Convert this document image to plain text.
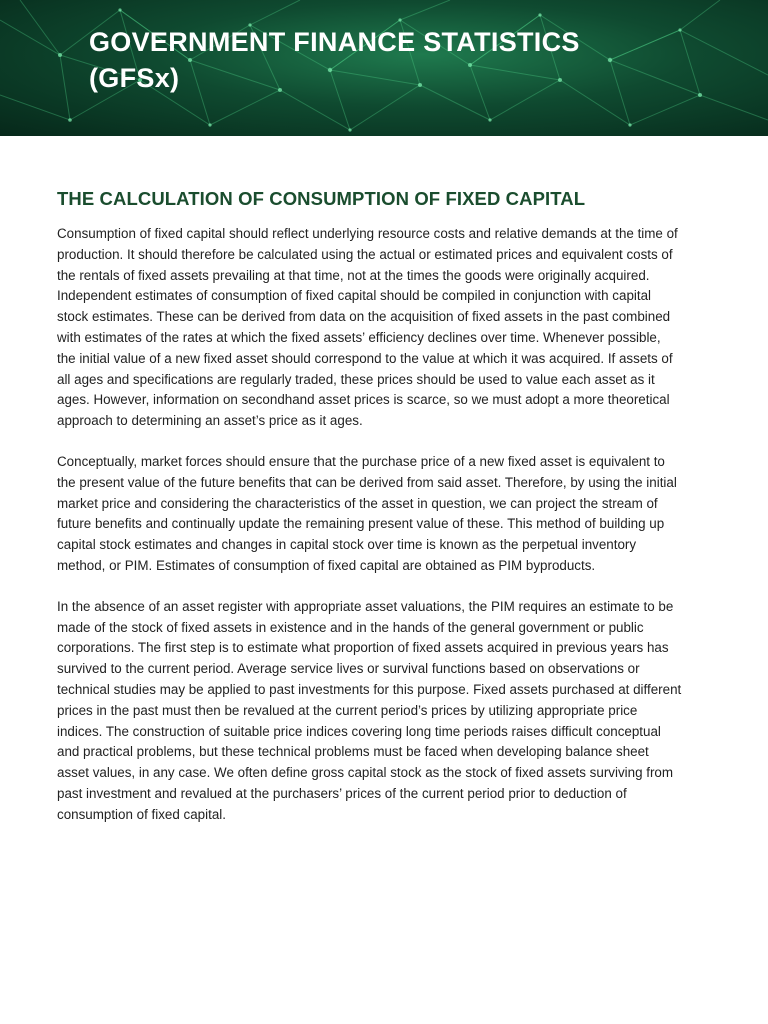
GOVERNMENT FINANCE STATISTICS
(GFSx)
THE CALCULATION OF CONSUMPTION OF FIXED CAPITAL

Consumption of fixed capital should reflect underlying resource costs and relative demands at the time of production. It should therefore be calculated using the actual or estimated prices and equivalent costs of the rentals of fixed assets prevailing at that time, not at the times the goods were originally acquired. Independent estimates of consumption of fixed capital should be compiled in conjunction with capital stock estimates. These can be derived from data on the acquisition of fixed assets in the past combined with estimates of the rates at which the fixed assets’ efficiency declines over time. Whenever possible, the initial value of a new fixed asset should correspond to the value at which it was acquired. If assets of all ages and specifications are regularly traded, these prices should be used to value each asset as it ages. However, information on secondhand asset prices is scarce, so we must adopt a more theoretical approach to determining an asset’s price as it ages.

Conceptually, market forces should ensure that the purchase price of a new fixed asset is equivalent to the present value of the future benefits that can be derived from said asset. Therefore, by using the initial market price and considering the characteristics of the asset in question, we can project the stream of future benefits and continually update the remaining present value of these. This method of building up capital stock estimates and changes in capital stock over time is known as the perpetual inventory method, or PIM. Estimates of consumption of fixed capital are obtained as PIM byproducts.

In the absence of an asset register with appropriate asset valuations, the PIM requires an estimate to be made of the stock of fixed assets in existence and in the hands of the general government or public corporations. The first step is to estimate what proportion of fixed assets acquired in previous years has survived to the current period. Average service lives or survival functions based on observations or technical studies may be applied to past investments for this purpose. Fixed assets purchased at different prices in the past must then be revalued at the current period’s prices by utilizing appropriate price indices. The construction of suitable price indices covering long time periods raises difficult conceptual and practical problems, but these technical problems must be faced when developing balance sheet asset values, in any case. We often define gross capital stock as the stock of fixed assets surviving from past investment and revalued at the purchasers’ prices of the current period prior to deduction of consumption of fixed capital.
